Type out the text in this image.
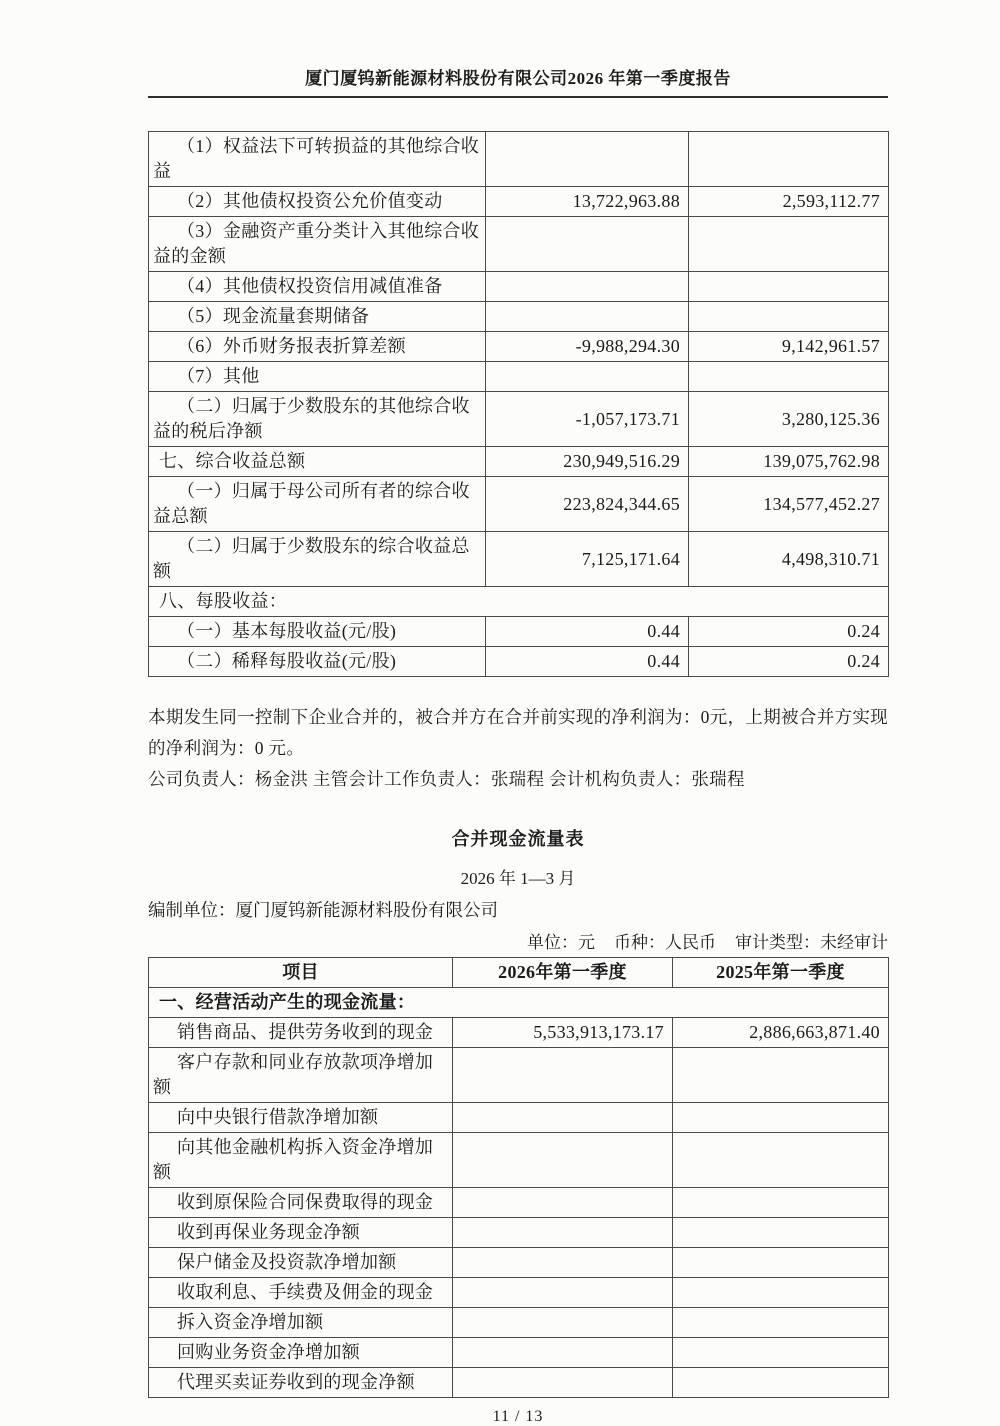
厦门厦钨新能源材料股份有限公司2026 年第一季度报告
（1）权益法下可转损益的其他综合收益		
（2）其他债权投资公允价值变动	13,722,963.88	2,593,112.77
（3）金融资产重分类计入其他综合收益的金额		
（4）其他债权投资信用减值准备		
（5）现金流量套期储备		
（6）外币财务报表折算差额	-9,988,294.30	9,142,961.57
（7）其他		
（二）归属于少数股东的其他综合收益的税后净额	-1,057,173.71	3,280,125.36
七、综合收益总额	230,949,516.29	139,075,762.98
（一）归属于母公司所有者的综合收益总额	223,824,344.65	134,577,452.27
（二）归属于少数股东的综合收益总额	7,125,171.64	4,498,310.71
八、每股收益：		
（一）基本每股收益(元/股)	0.44	0.24
（二）稀释每股收益(元/股)	0.44	0.24

本期发生同一控制下企业合并的，被合并方在合并前实现的净利润为：0元，上期被合并方实现的净利润为：0 元。

公司负责人：杨金洪 主管会计工作负责人：张瑞程 会计机构负责人：张瑞程

合并现金流量表
2026 年 1—3 月
编制单位：厦门厦钨新能源材料股份有限公司
单位：元 币种：人民币 审计类型：未经审计
项目	2026年第一季度	2025年第一季度
一、经营活动产生的现金流量：		
销售商品、提供劳务收到的现金	5,533,913,173.17	2,886,663,871.40
客户存款和同业存放款项净增加额		
向中央银行借款净增加额		
向其他金融机构拆入资金净增加额		
收到原保险合同保费取得的现金		
收到再保业务现金净额		
保户储金及投资款净增加额		
收取利息、手续费及佣金的现金		
拆入资金净增加额		
回购业务资金净增加额		
代理买卖证券收到的现金净额		
11 / 13
